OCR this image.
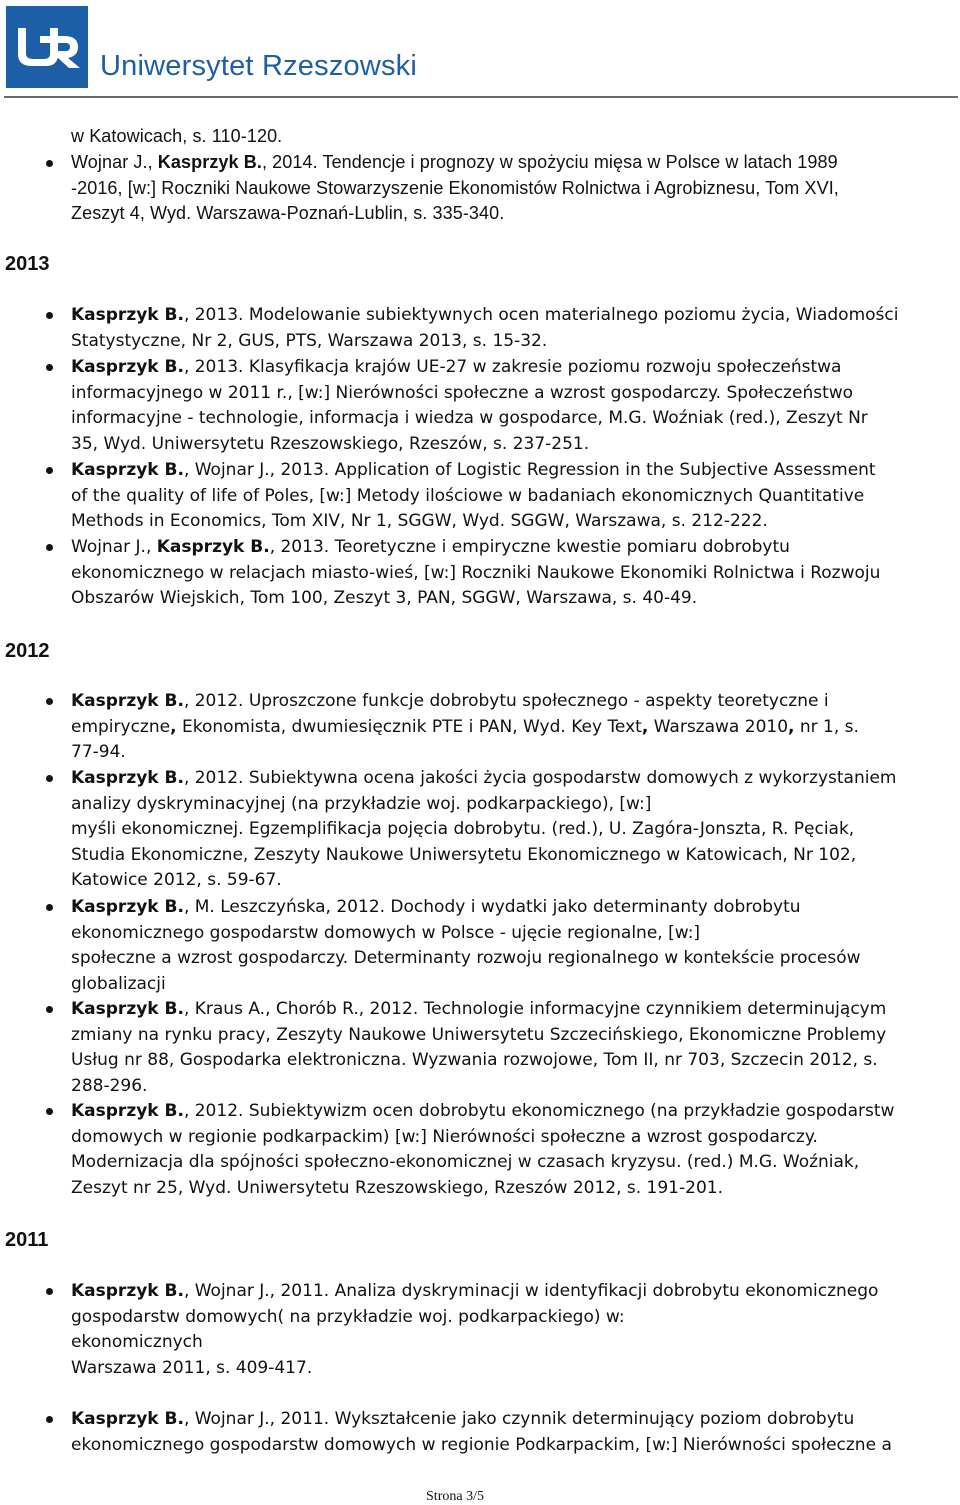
Uniwersytet Rzeszowski
w Katowicach, s. 110-120.
Wojnar J., Kasprzyk B., 2014. Tendencje i prognozy w spożyciu mięsa w Polsce w latach 1989
-2016, [w:] Roczniki Naukowe Stowarzyszenie Ekonomistów Rolnictwa i Agrobiznesu, Tom XVI,
Zeszyt 4, Wyd. Warszawa-Poznań-Lublin, s. 335-340.
2013
Kasprzyk B., 2013. Modelowanie subiektywnych ocen materialnego poziomu życia, Wiadomości
Statystyczne, Nr 2, GUS, PTS, Warszawa 2013, s. 15-32.
Kasprzyk B., 2013. Klasyfikacja krajów UE-27 w zakresie poziomu rozwoju społeczeństwa
informacyjnego w 2011 r., [w:] Nierówności społeczne a wzrost gospodarczy. Społeczeństwo
informacyjne - technologie, informacja i wiedza w gospodarce, M.G. Woźniak (red.), Zeszyt Nr
35, Wyd. Uniwersytetu Rzeszowskiego, Rzeszów, s. 237-251.
Kasprzyk B., Wojnar J., 2013. Application of Logistic Regression in the Subjective Assessment
of the quality of life of Poles, [w:] Metody ilościowe w badaniach ekonomicznych Quantitative
Methods in Economics, Tom XIV, Nr 1, SGGW, Wyd. SGGW, Warszawa, s. 212-222.
Wojnar J., Kasprzyk B., 2013. Teoretyczne i empiryczne kwestie pomiaru dobrobytu
ekonomicznego w relacjach miasto-wieś, [w:] Roczniki Naukowe Ekonomiki Rolnictwa i Rozwoju
Obszarów Wiejskich, Tom 100, Zeszyt 3, PAN, SGGW, Warszawa, s. 40-49.
2012
Kasprzyk B., 2012. Uproszczone funkcje dobrobytu społecznego - aspekty teoretyczne i
empiryczne, Ekonomista, dwumiesięcznik PTE i PAN, Wyd. Key Text, Warszawa 2010, nr 1, s.
77-94.
Kasprzyk B., 2012. Subiektywna ocena jakości życia gospodarstw domowych z wykorzystaniem
analizy dyskryminacyjnej (na przykładzie woj. podkarpackiego), [w:]
myśli ekonomicznej. Egzemplifikacja pojęcia dobrobytu. (red.), U. Zagóra-Jonszta, R. Pęciak,
Studia Ekonomiczne, Zeszyty Naukowe Uniwersytetu Ekonomicznego w Katowicach, Nr 102,
Katowice 2012, s. 59-67.
Kasprzyk B., M. Leszczyńska, 2012. Dochody i wydatki jako determinanty dobrobytu
ekonomicznego gospodarstw domowych w Polsce - ujęcie regionalne, [w:]
społeczne a wzrost gospodarczy. Determinanty rozwoju regionalnego w kontekście procesów
globalizacji
Kasprzyk B., Kraus A., Chorób R., 2012. Technologie informacyjne czynnikiem determinującym
zmiany na rynku pracy, Zeszyty Naukowe Uniwersytetu Szczecińskiego, Ekonomiczne Problemy
Usług nr 88, Gospodarka elektroniczna. Wyzwania rozwojowe, Tom II, nr 703, Szczecin 2012, s.
288-296.
Kasprzyk B., 2012. Subiektywizm ocen dobrobytu ekonomicznego (na przykładzie gospodarstw
domowych w regionie podkarpackim) [w:] Nierówności społeczne a wzrost gospodarczy.
Modernizacja dla spójności społeczno-ekonomicznej w czasach kryzysu. (red.) M.G. Woźniak,
Zeszyt nr 25, Wyd. Uniwersytetu Rzeszowskiego, Rzeszów 2012, s. 191-201.
2011
Kasprzyk B., Wojnar J., 2011. Analiza dyskryminacji w identyfikacji dobrobytu ekonomicznego
gospodarstw domowych( na przykładzie woj. podkarpackiego) w:
ekonomicznych
Warszawa 2011, s. 409-417.
Kasprzyk B., Wojnar J., 2011. Wykształcenie jako czynnik determinujący poziom dobrobytu
ekonomicznego gospodarstw domowych w regionie Podkarpackim, [w:] Nierówności społeczne a
Strona 3/5
